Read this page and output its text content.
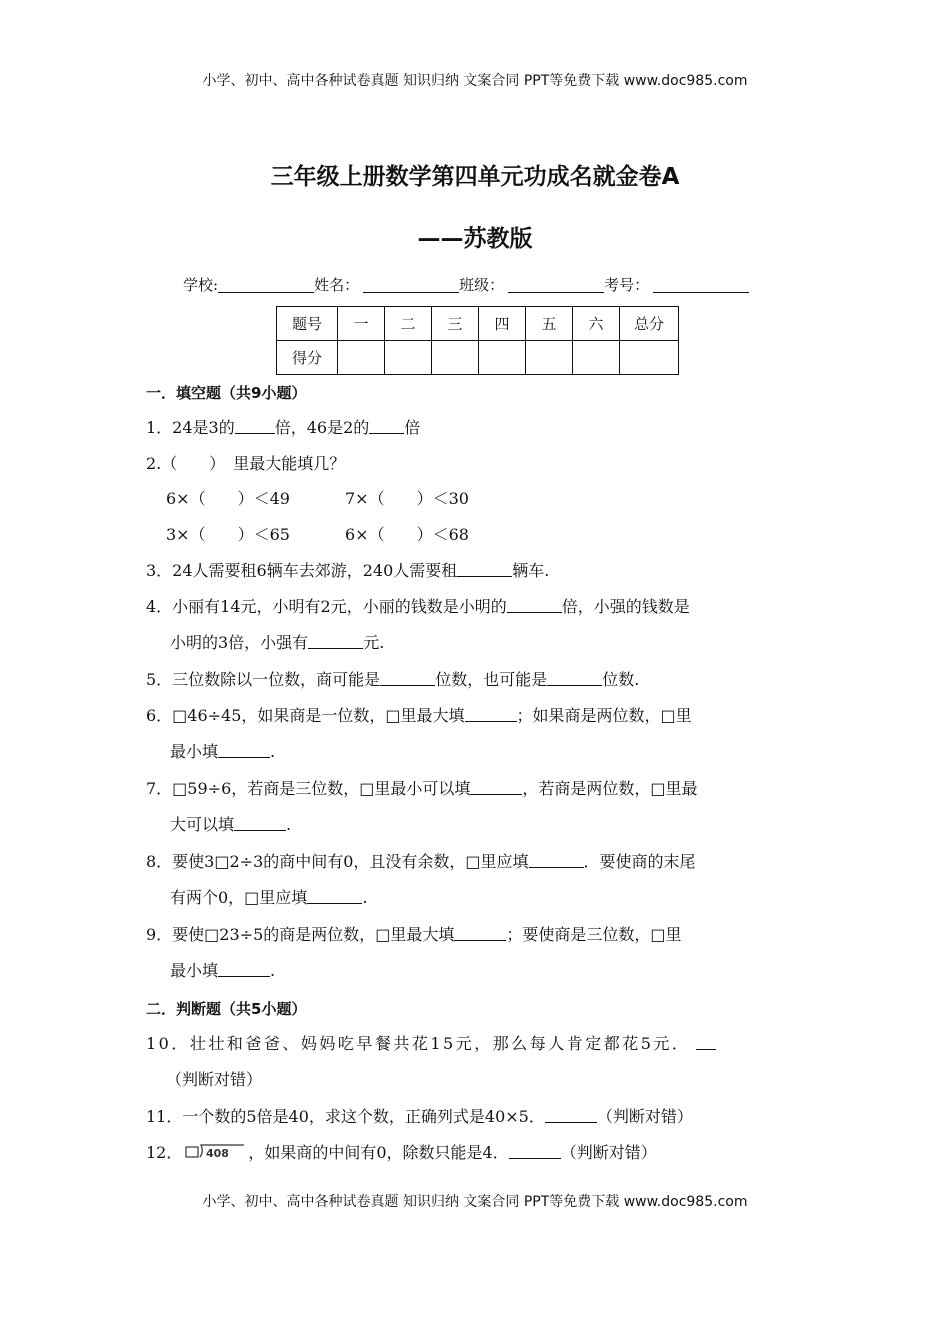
小学、初中、高中各种试卷真题 知识归纳 文案合同 PPT等免费下载 www.doc985.com
三年级上册数学第四单元功成名就金卷A
——苏教版
学校:	姓名：	班级：	考号：
题号	一	二	三	四	五	六	总分
得分							
一．填空题（共9小题）
1．24是3的	倍，46是2的 倍
2.（　　）　里最大能填几？
6×（　　）＜49	7×（　　）＜30
3×（　　）＜65	6×（　　）＜68
3．24人需要租6辆车去郊游，240人需要租	辆车.
4．小丽有14元，小明有2元，小丽的钱数是小明的	倍，小强的钱数是
小明的3倍，小强有	元.
5．三位数除以一位数，商可能是	位数，也可能是	位数.
6．□46÷45，如果商是一位数，□里最大填	；如果商是两位数，□里
最小填	.
7．□59÷6，若商是三位数，□里最小可以填	，若商是两位数，□里最
大可以填	.
8．要使3□2÷3的商中间有0，且没有余数，□里应填	．要使商的末尾
有两个0，□里应填	.
9．要使□23÷5的商是两位数，□里最大填	；要使商是三位数，□里
最小填	.
二．判断题（共5小题）
10．壮壮和爸爸、妈妈吃早餐共花15元，那么每人肯定都花5元．
（判断对错）
11．一个数的5倍是40，求这个数，正确列式是40×5．	（判断对错）
12． 408 ，如果商的中间有0，除数只能是4．	（判断对错）
小学、初中、高中各种试卷真题 知识归纳 文案合同 PPT等免费下载 www.doc985.com
